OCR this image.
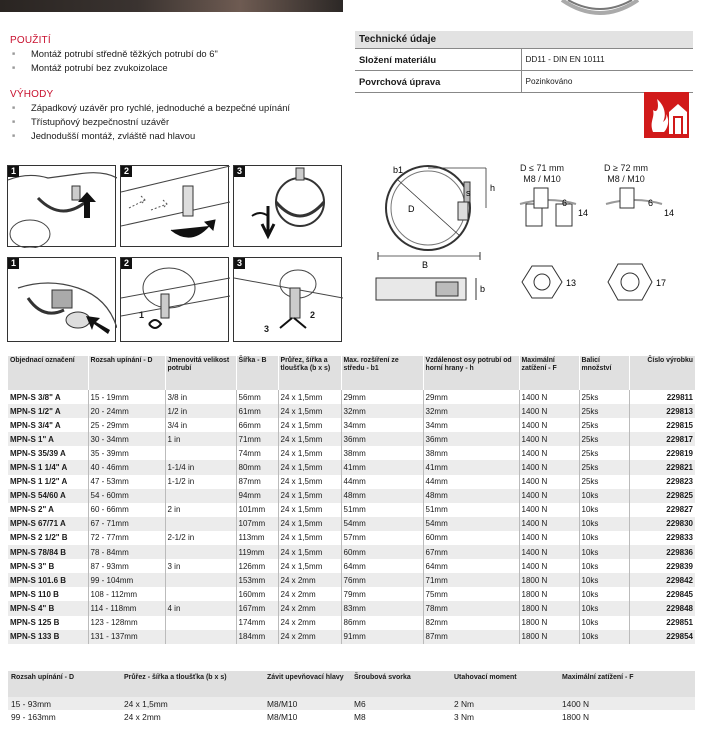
POUŽITÍ
■ Montáž potrubí středně těžkých potrubí do 6"
■ Montáž potrubí bez zvukoizolace
VÝHODY
■ Západkový uzávěr pro rychlé, jednoduché a bezpečné upínání
■ Třístupňový bezpečnostní uzávěr
■ Jednodušší montáž, zvláště nad hlavou
Technické údaje	
Složení materiálu	DD11 - DIN EN 10111
Povrchová úprava	Pozinkováno
1	2	3
1	2
1
3
2
3
b1
h
s
D
B
b
6
14
13
6
14
17
D ≤ 71 mm
M8 / M10
D ≥ 72 mm
M8 / M10
Objednací označení	Rozsah upínání - D	Jmenovitá velikost potrubí	Šířka - B	Průřez, šířka a tloušťka (b x s)	Max. rozšíření ze středu - b1	Vzdálenost osy potrubí od horní hrany - h	Maximální zatížení - F	Balicí množství	Číslo výrobku
MPN-S 3/8" A	15 - 19mm	3/8 in	56mm	24 x 1,5mm	29mm	29mm	1400 N	25ks	229811
MPN-S 1/2" A	20 - 24mm	1/2 in	61mm	24 x 1,5mm	32mm	32mm	1400 N	25ks	229813
MPN-S 3/4" A	25 - 29mm	3/4 in	66mm	24 x 1,5mm	34mm	34mm	1400 N	25ks	229815
MPN-S 1" A	30 - 34mm	1 in	71mm	24 x 1,5mm	36mm	36mm	1400 N	25ks	229817
MPN-S 35/39 A	35 - 39mm		74mm	24 x 1,5mm	38mm	38mm	1400 N	25ks	229819
MPN-S 1 1/4" A	40 - 46mm	1-1/4 in	80mm	24 x 1,5mm	41mm	41mm	1400 N	25ks	229821
MPN-S 1 1/2" A	47 - 53mm	1-1/2 in	87mm	24 x 1,5mm	44mm	44mm	1400 N	25ks	229823
MPN-S 54/60 A	54 - 60mm		94mm	24 x 1,5mm	48mm	48mm	1400 N	10ks	229825
MPN-S 2" A	60 - 66mm	2 in	101mm	24 x 1,5mm	51mm	51mm	1400 N	10ks	229827
MPN-S 67/71 A	67 - 71mm		107mm	24 x 1,5mm	54mm	54mm	1400 N	10ks	229830
MPN-S 2 1/2" B	72 - 77mm	2-1/2 in	113mm	24 x 1,5mm	57mm	60mm	1400 N	10ks	229833
MPN-S 78/84 B	78 - 84mm		119mm	24 x 1,5mm	60mm	67mm	1400 N	10ks	229836
MPN-S 3" B	87 - 93mm	3 in	126mm	24 x 1,5mm	64mm	64mm	1400 N	10ks	229839
MPN-S 101.6 B	99 - 104mm		153mm	24 x 2mm	76mm	71mm	1800 N	10ks	229842
MPN-S 110 B	108 - 112mm		160mm	24 x 2mm	79mm	75mm	1800 N	10ks	229845
MPN-S 4" B	114 - 118mm	4 in	167mm	24 x 2mm	83mm	78mm	1800 N	10ks	229848
MPN-S 125 B	123 - 128mm		174mm	24 x 2mm	86mm	82mm	1800 N	10ks	229851
MPN-S 133 B	131 - 137mm		184mm	24 x 2mm	91mm	87mm	1800 N	10ks	229854
Rozsah upínání - D	Průřez - šířka a tloušťka (b x s)	Závit upevňovací hlavy	Šroubová svorka	Utahovací moment	Maximální zatížení - F
15 - 93mm	24 x 1,5mm	M8/M10	M6	2 Nm	1400 N
99 - 163mm	24 x 2mm	M8/M10	M8	3 Nm	1800 N
